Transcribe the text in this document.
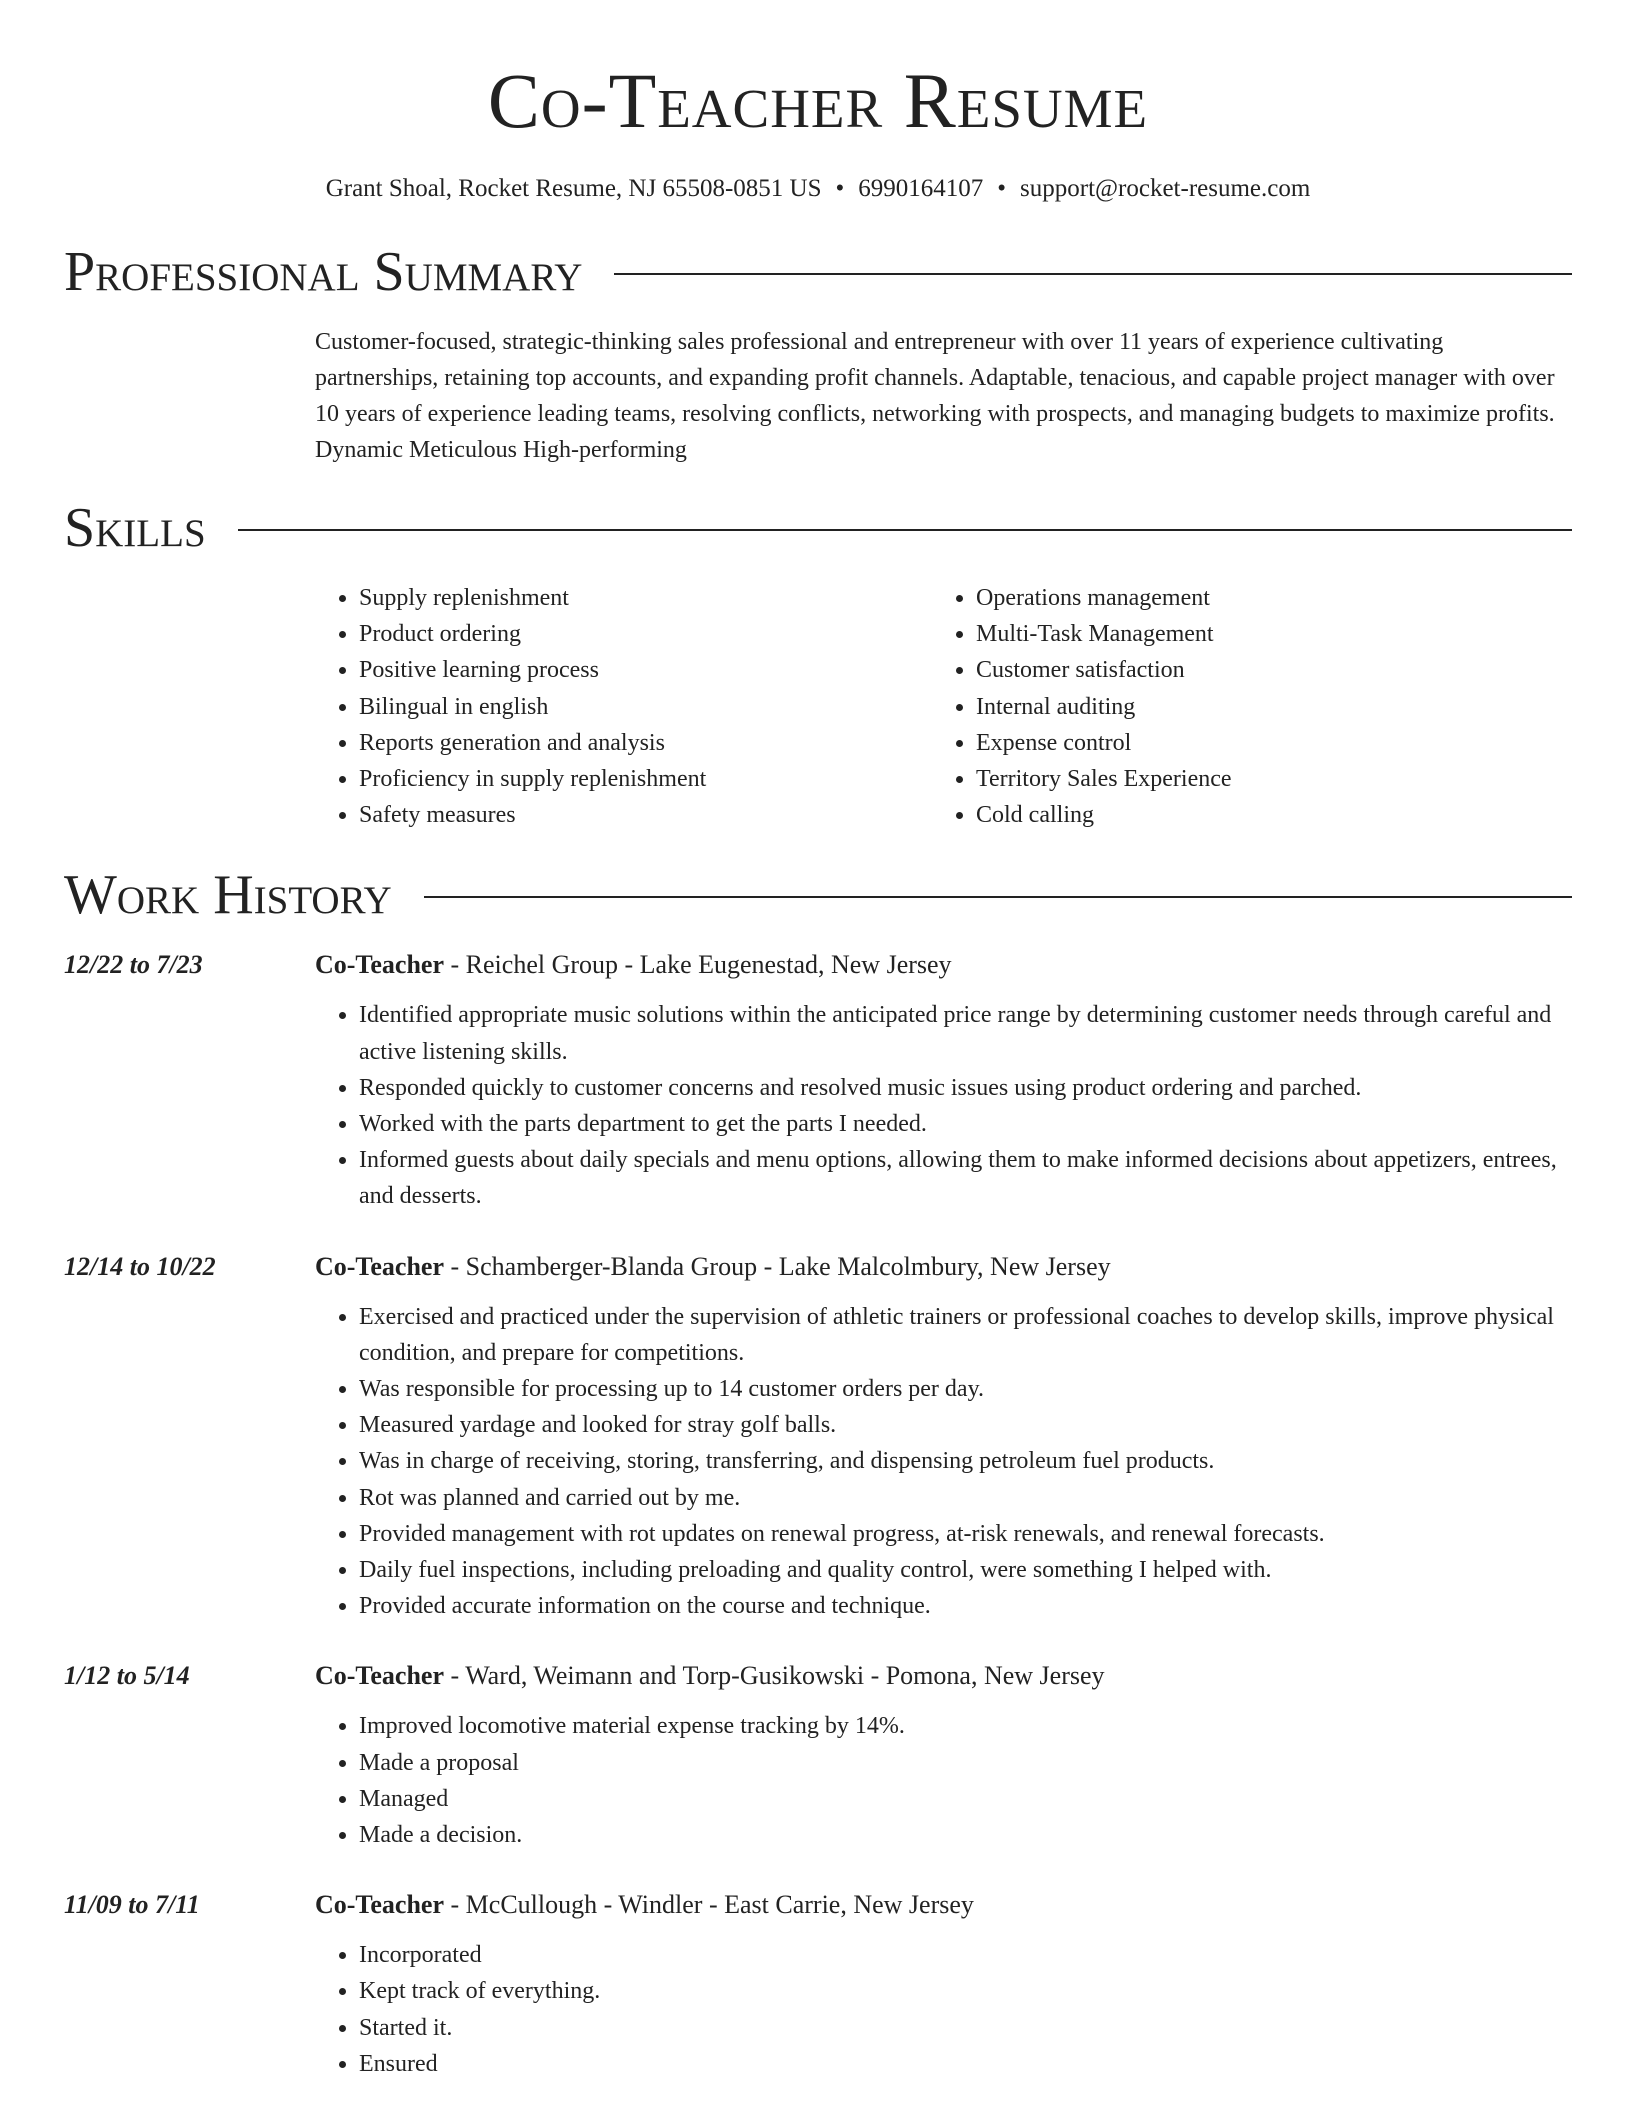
Co-Teacher Resume
Grant Shoal, Rocket Resume, NJ 65508-0851 US • 6990164107 • support@rocket-resume.com
Professional Summary
Customer-focused, strategic-thinking sales professional and entrepreneur with over 11 years of experience cultivating partnerships, retaining top accounts, and expanding profit channels. Adaptable, tenacious, and capable project manager with over 10 years of experience leading teams, resolving conflicts, networking with prospects, and managing budgets to maximize profits. Dynamic Meticulous High-performing
Skills
• Supply replenishment
• Product ordering
• Positive learning process
• Bilingual in english
• Reports generation and analysis
• Proficiency in supply replenishment
• Safety measures
• Operations management
• Multi-Task Management
• Customer satisfaction
• Internal auditing
• Expense control
• Territory Sales Experience
• Cold calling
Work History
12/22 to 7/23	Co-Teacher - Reichel Group - Lake Eugenestad, New Jersey
• Identified appropriate music solutions within the anticipated price range by determining customer needs through careful and active listening skills.
• Responded quickly to customer concerns and resolved music issues using product ordering and parched.
• Worked with the parts department to get the parts I needed.
• Informed guests about daily specials and menu options, allowing them to make informed decisions about appetizers, entrees, and desserts.
12/14 to 10/22	Co-Teacher - Schamberger-Blanda Group - Lake Malcolmbury, New Jersey
• Exercised and practiced under the supervision of athletic trainers or professional coaches to develop skills, improve physical condition, and prepare for competitions.
• Was responsible for processing up to 14 customer orders per day.
• Measured yardage and looked for stray golf balls.
• Was in charge of receiving, storing, transferring, and dispensing petroleum fuel products.
• Rot was planned and carried out by me.
• Provided management with rot updates on renewal progress, at-risk renewals, and renewal forecasts.
• Daily fuel inspections, including preloading and quality control, were something I helped with.
• Provided accurate information on the course and technique.
1/12 to 5/14	Co-Teacher - Ward, Weimann and Torp-Gusikowski - Pomona, New Jersey
• Improved locomotive material expense tracking by 14%.
• Made a proposal
• Managed
• Made a decision.
11/09 to 7/11	Co-Teacher - McCullough - Windler - East Carrie, New Jersey
• Incorporated
• Kept track of everything.
• Started it.
• Ensured
